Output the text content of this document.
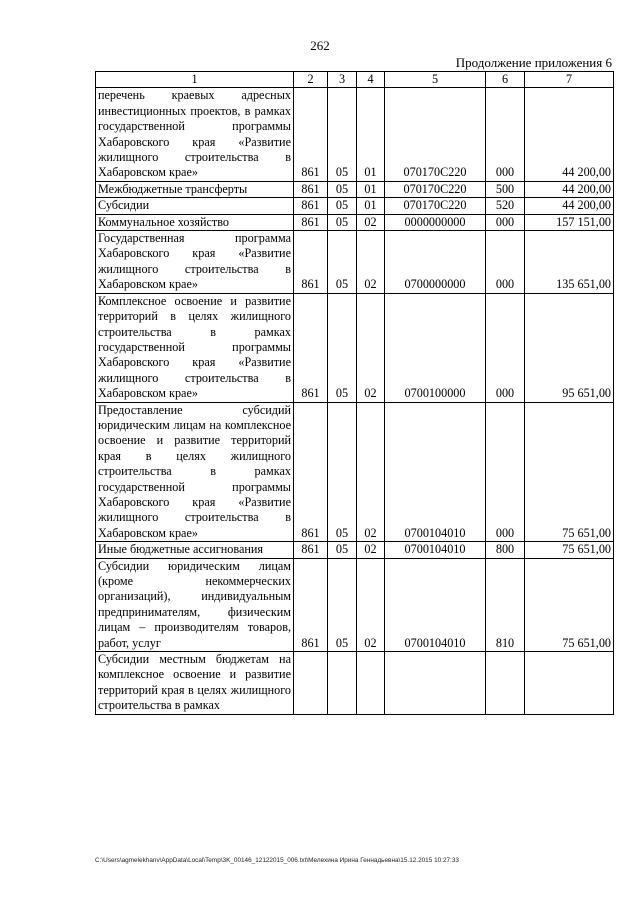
262
Продолжение приложения 6
1	2	3	4	5	6	7
перечень краевых адресных инвестиционных проектов, в рамках государственной программы Хабаровского края «Развитие жилищного строительства в Хабаровском крае»	861	05	01	070170С220	000	44 200,00
Межбюджетные трансферты	861	05	01	070170С220	500	44 200,00
Субсидии	861	05	01	070170С220	520	44 200,00
Коммунальное хозяйство	861	05	02	0000000000	000	157 151,00
Государственная программа Хабаровского края «Развитие жилищного строительства в Хабаровском крае»	861	05	02	0700000000	000	135 651,00
Комплексное освоение и развитие территорий в целях жилищного строительства в рамках государственной программы Хабаровского края «Развитие жилищного строительства в Хабаровском крае»	861	05	02	0700100000	000	95 651,00
Предоставление субсидий юридическим лицам на комплексное освоение и развитие территорий края в целях жилищного строительства в рамках государственной программы Хабаровского края «Развитие жилищного строительства в Хабаровском крае»	861	05	02	0700104010	000	75 651,00
Иные бюджетные ассигнования	861	05	02	0700104010	800	75 651,00
Субсидии юридическим лицам (кроме некоммерческих организаций), индивидуальным предпринимателям, физическим лицам – производителям товаров, работ, услуг	861	05	02	0700104010	810	75 651,00
Субсидии местным бюджетам на комплексное освоение и развитие территорий края в целях жилищного строительства в рамках						
C:\Users\agmelekhanv\AppData\Local\Temp\3K_00146_12122015_006.txt\Мелехина Ирина Геннадьевна\15.12.2015 10:27:33
